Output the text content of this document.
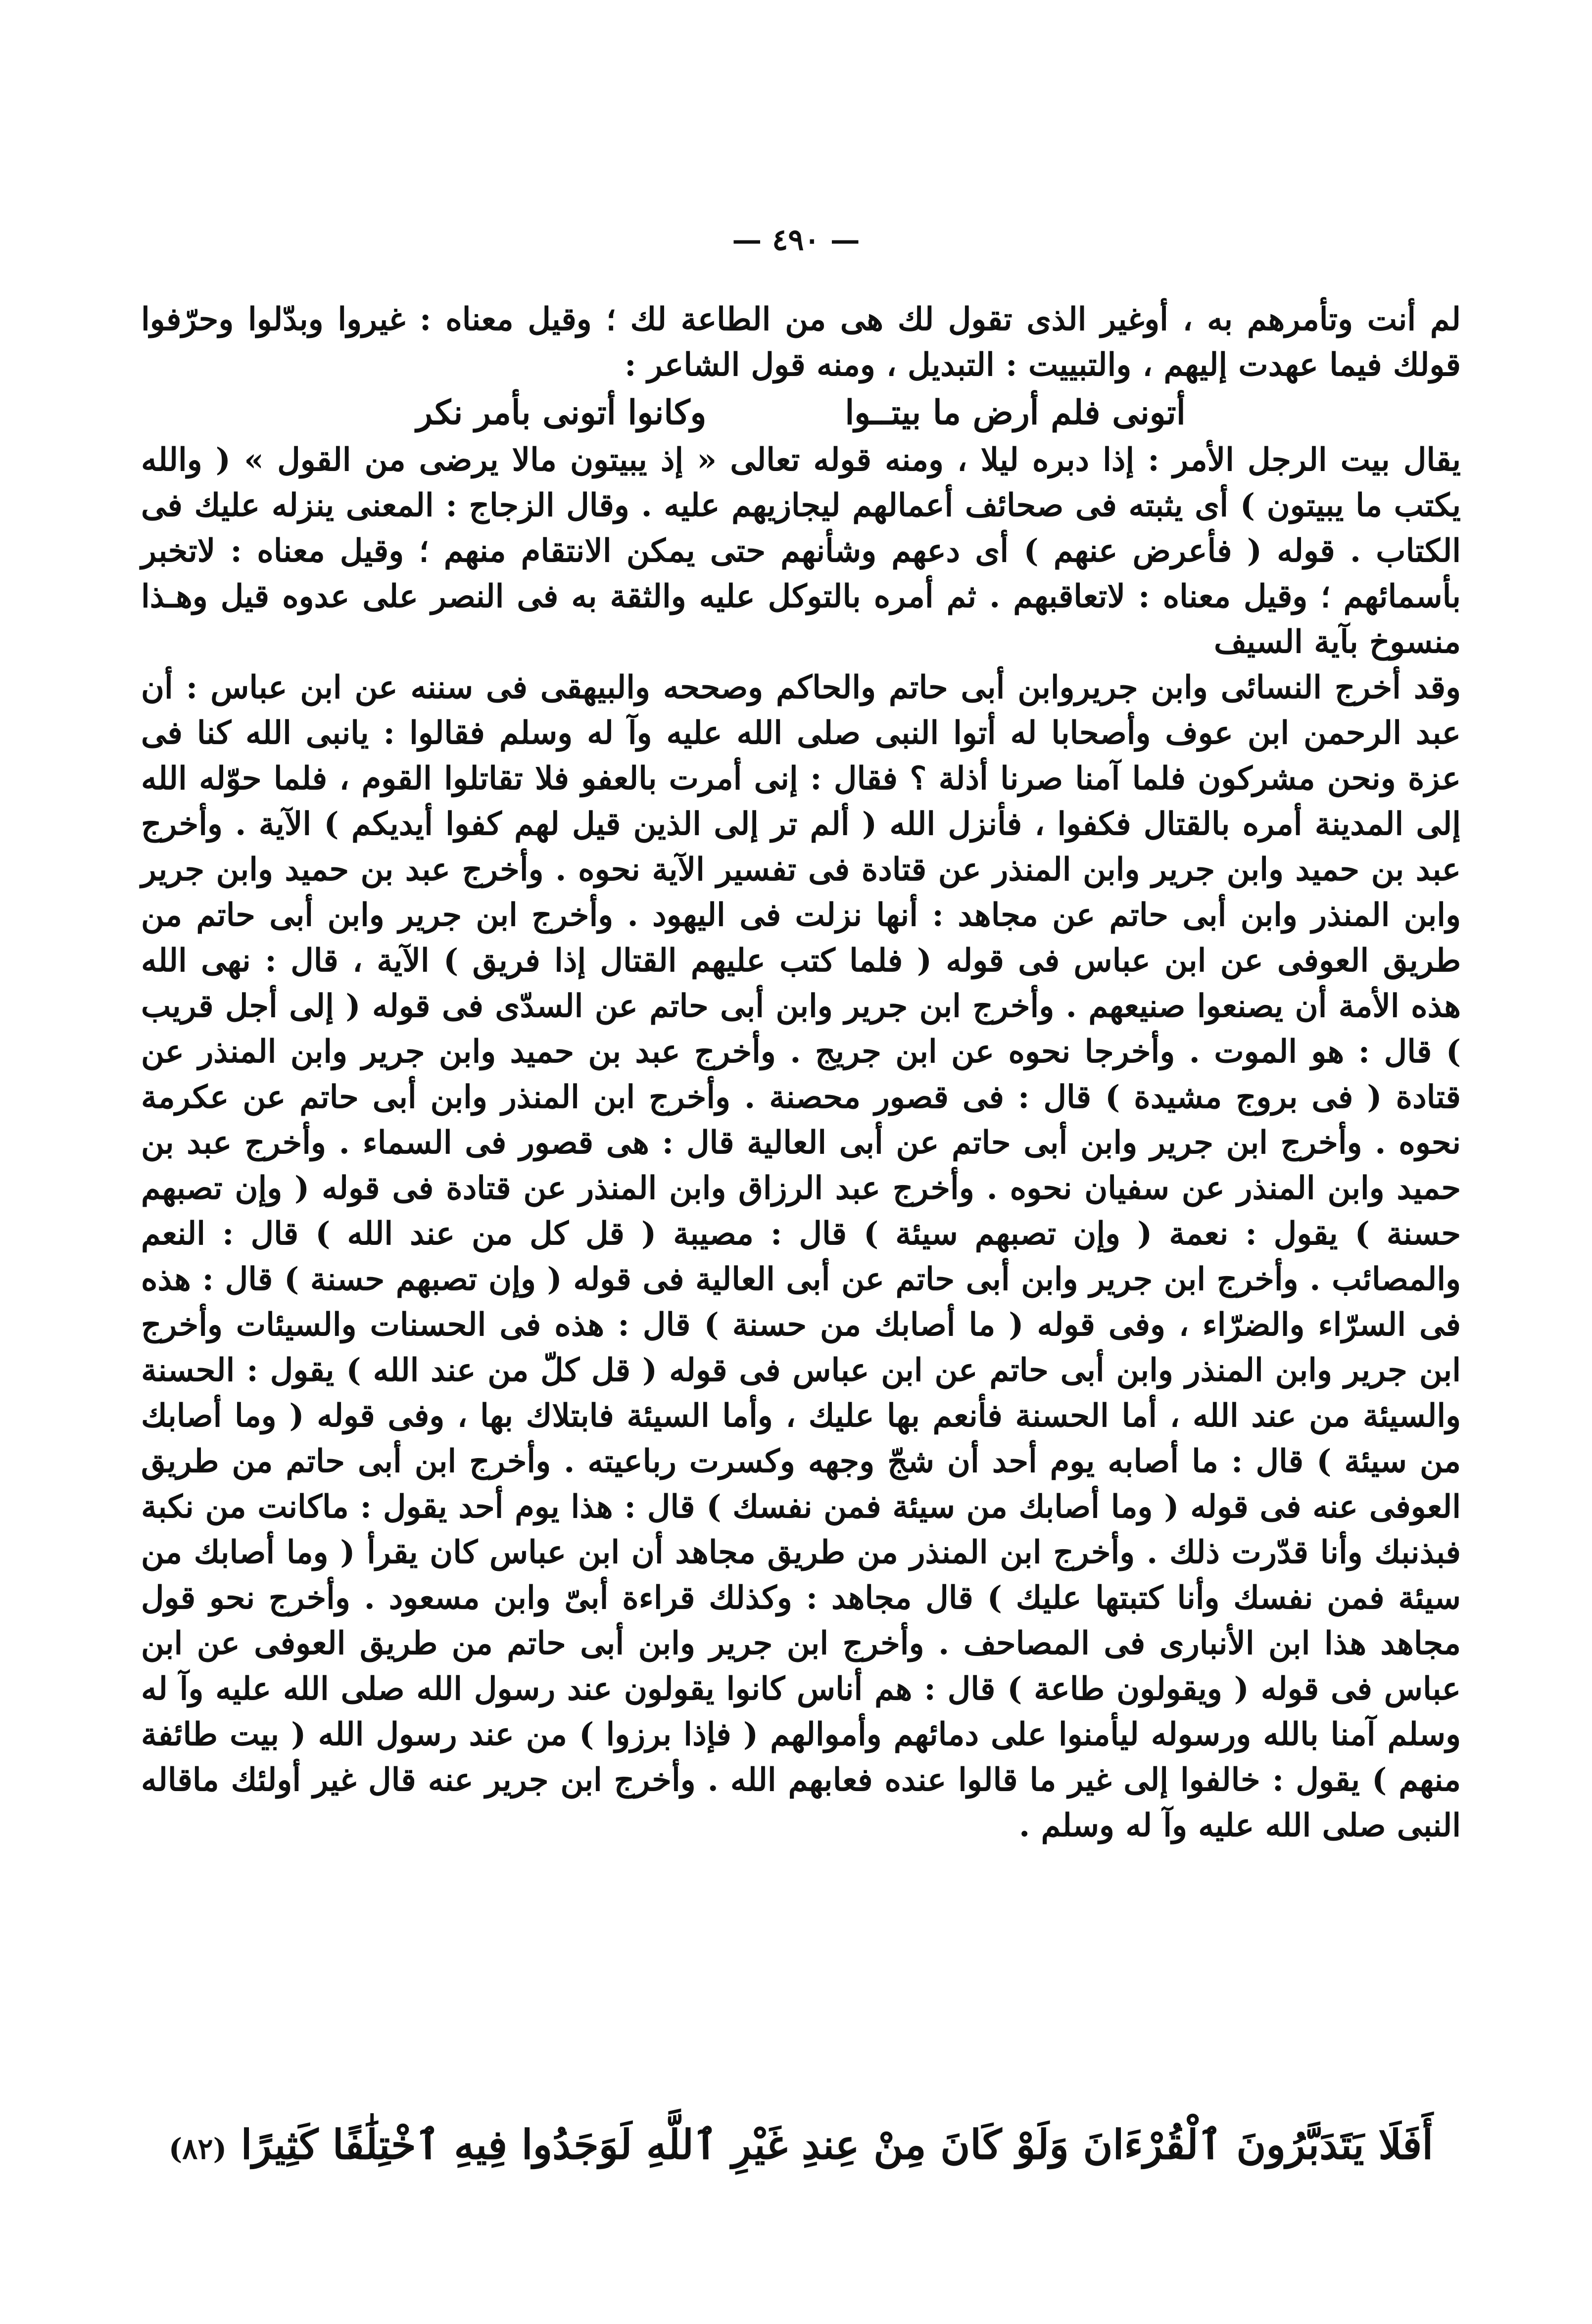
— ٤٩٠ —

لم أنت وتأمرهم به ، أوغير الذى تقول لك هى من الطاعة لك ؛ وقيل معناه : غيروا وبدّلوا وحرّفوا قولك فيما عهدت إليهم ، والتبييت : التبديل ، ومنه قول الشاعر :

أتونى فلم أرض ما بيتــوا
وكانوا أتونى بأمر نكر

يقال بيت الرجل الأمر : إذا دبره ليلا ، ومنه قوله تعالى « إذ يبيتون مالا يرضى من القول » ( والله يكتب ما يبيتون ) أى يثبته فى صحائف أعمالهم ليجازيهم عليه . وقال الزجاج : المعنى ينزله عليك فى الكتاب . قوله ( فأعرض عنهم ) أى دعهم وشأنهم حتى يمكن الانتقام منهم ؛ وقيل معناه : لاتخبر بأسمائهم ؛ وقيل معناه : لاتعاقبهم . ثم أمره بالتوكل عليه والثقة به فى النصر على عدوه قيل وهـذا منسوخ بآية السيف

وقد أخرج النسائى وابن جريروابن أبى حاتم والحاكم وصححه والبيهقى فى سننه عن ابن عباس : أن عبد الرحمن ابن عوف وأصحابا له أتوا النبى صلى الله عليه وآ له وسلم فقالوا : يانبى الله كنا فى عزة ونحن مشركون فلما آمنا صرنا أذلة ؟ فقال : إنى أمرت بالعفو فلا تقاتلوا القوم ، فلما حوّله الله إلى المدينة أمره بالقتال فكفوا ، فأنزل الله ( ألم تر إلى الذين قيل لهم كفوا أيديكم ) الآية . وأخرج عبد بن حميد وابن جرير وابن المنذر عن قتادة فى تفسير الآية نحوه . وأخرج عبد بن حميد وابن جرير وابن المنذر وابن أبى حاتم عن مجاهد : أنها نزلت فى اليهود . وأخرج ابن جرير وابن أبى حاتم من طريق العوفى عن ابن عباس فى قوله ( فلما كتب عليهم القتال إذا فريق ) الآية ، قال : نهى الله هذه الأمة أن يصنعوا صنيعهم . وأخرج ابن جرير وابن أبى حاتم عن السدّى فى قوله ( إلى أجل قريب ) قال : هو الموت . وأخرجا نحوه عن ابن جريج . وأخرج عبد بن حميد وابن جرير وابن المنذر عن قتادة ( فى بروج مشيدة ) قال : فى قصور محصنة . وأخرج ابن المنذر وابن أبى حاتم عن عكرمة نحوه . وأخرج ابن جرير وابن أبى حاتم عن أبى العالية قال : هى قصور فى السماء . وأخرج عبد بن حميد وابن المنذر عن سفيان نحوه . وأخرج عبد الرزاق وابن المنذر عن قتادة فى قوله ( وإن تصبهم حسنة ) يقول : نعمة ( وإن تصبهم سيئة ) قال : مصيبة ( قل كل من عند الله ) قال : النعم والمصائب . وأخرج ابن جرير وابن أبى حاتم عن أبى العالية فى قوله ( وإن تصبهم حسنة ) قال : هذه فى السرّاء والضرّاء ، وفى قوله ( ما أصابك من حسنة ) قال : هذه فى الحسنات والسيئات وأخرج ابن جرير وابن المنذر وابن أبى حاتم عن ابن عباس فى قوله ( قل كلّ من عند الله ) يقول : الحسنة والسيئة من عند الله ، أما الحسنة فأنعم بها عليك ، وأما السيئة فابتلاك بها ، وفى قوله ( وما أصابك من سيئة ) قال : ما أصابه يوم أحد أن شجّ وجهه وكسرت رباعيته . وأخرج ابن أبى حاتم من طريق العوفى عنه فى قوله ( وما أصابك من سيئة فمن نفسك ) قال : هذا يوم أحد يقول : ماكانت من نكبة فبذنبك وأنا قدّرت ذلك . وأخرج ابن المنذر من طريق مجاهد أن ابن عباس كان يقرأ ( وما أصابك من سيئة فمن نفسك وأنا كتبتها عليك ) قال مجاهد : وكذلك قراءة أبىّ وابن مسعود . وأخرج نحو قول مجاهد هذا ابن الأنبارى فى المصاحف . وأخرج ابن جرير وابن أبى حاتم من طريق العوفى عن ابن عباس فى قوله ( ويقولون طاعة ) قال : هم أناس كانوا يقولون عند رسول الله صلى الله عليه وآ له وسلم آمنا بالله ورسوله ليأمنوا على دمائهم وأموالهم ( فإذا برزوا ) من عند رسول الله ( بيت طائفة منهم ) يقول : خالفوا إلى غير ما قالوا عنده فعابهم الله . وأخرج ابن جرير عنه قال غير أولئك ماقاله النبى صلى الله عليه وآ له وسلم .

أَفَلَا يَتَدَبَّرُونَ ٱلْقُرْءَانَ وَلَوْ كَانَ مِنْ عِندِ غَيْرِ ٱللَّهِ لَوَجَدُوا فِيهِ ٱخْتِلَٰفًا كَثِيرًا (٨٢)
